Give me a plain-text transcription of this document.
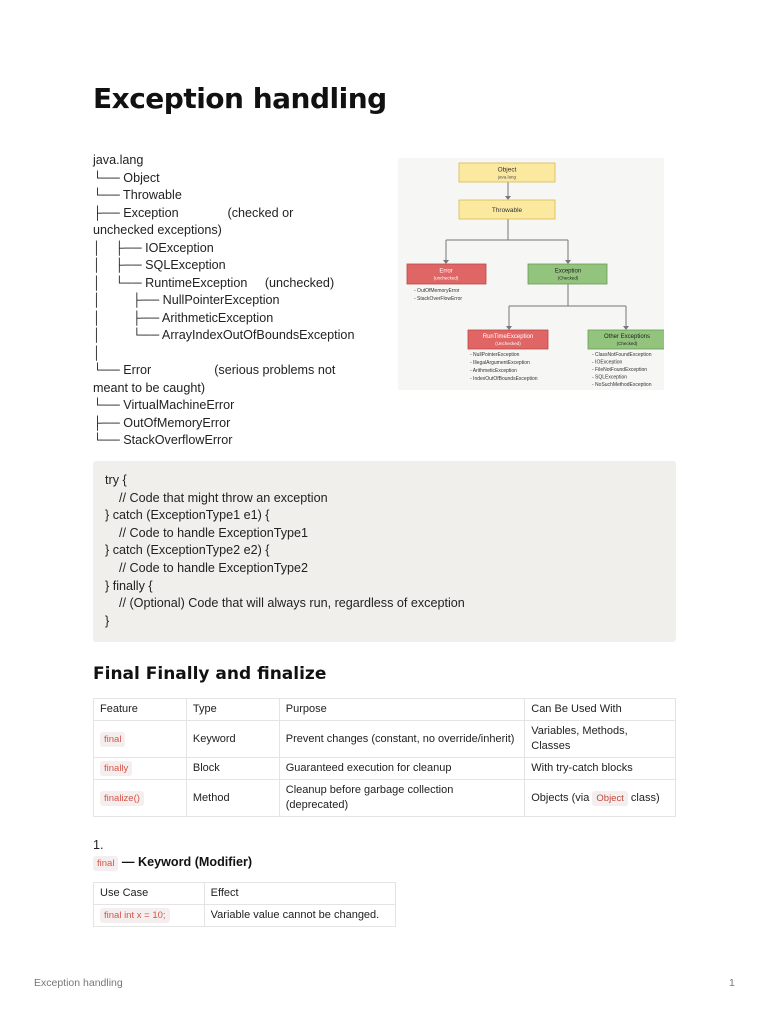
Exception handling
java.lang
└── Object
└── Throwable
├── Exception              (checked or
unchecked exceptions)
│    ├── IOException
│    ├── SQLException
│    └── RuntimeException     (unchecked)
│         ├── NullPointerException
│         ├── ArithmeticException
│         └── ArrayIndexOutOfBoundsException
│
└── Error                  (serious problems not
meant to be caught)
└── VirtualMachineError
├── OutOfMemoryError
└── StackOverflowError
Object
java.lang
Throwable
Error
(unchecked)
- OutOfMemoryError
- StackOverFlowError
Exception
(Checked)
RunTimeException
(Unchecked)
- NullPointerException
- IllegalArgumentException
- ArithmeticException
- IndexOutOfBoundsException
Other Exceptions
(Checked)
- ClassNotFoundException
- IOException
- FileNotFoundException
- SQLException
- NoSuchMethodException
try {
// Code that might throw an exception
} catch (ExceptionType1 e1) {
// Code to handle ExceptionType1
} catch (ExceptionType2 e2) {
// Code to handle ExceptionType2
} finally {
// (Optional) Code that will always run, regardless of exception
}
Final Finally and finalize
Feature	Type	Purpose	Can Be Used With
final	Keyword	Prevent changes (constant, no override/inherit)	Variables, Methods, Classes
finally	Block	Guaranteed execution for cleanup	With try-catch blocks
finalize()	Method	Cleanup before garbage collection (deprecated)	Objects (via Object class)
1.
final — Keyword (Modifier)
Use Case	Effect
final int x = 10;	Variable value cannot be changed.
Exception handling	1
